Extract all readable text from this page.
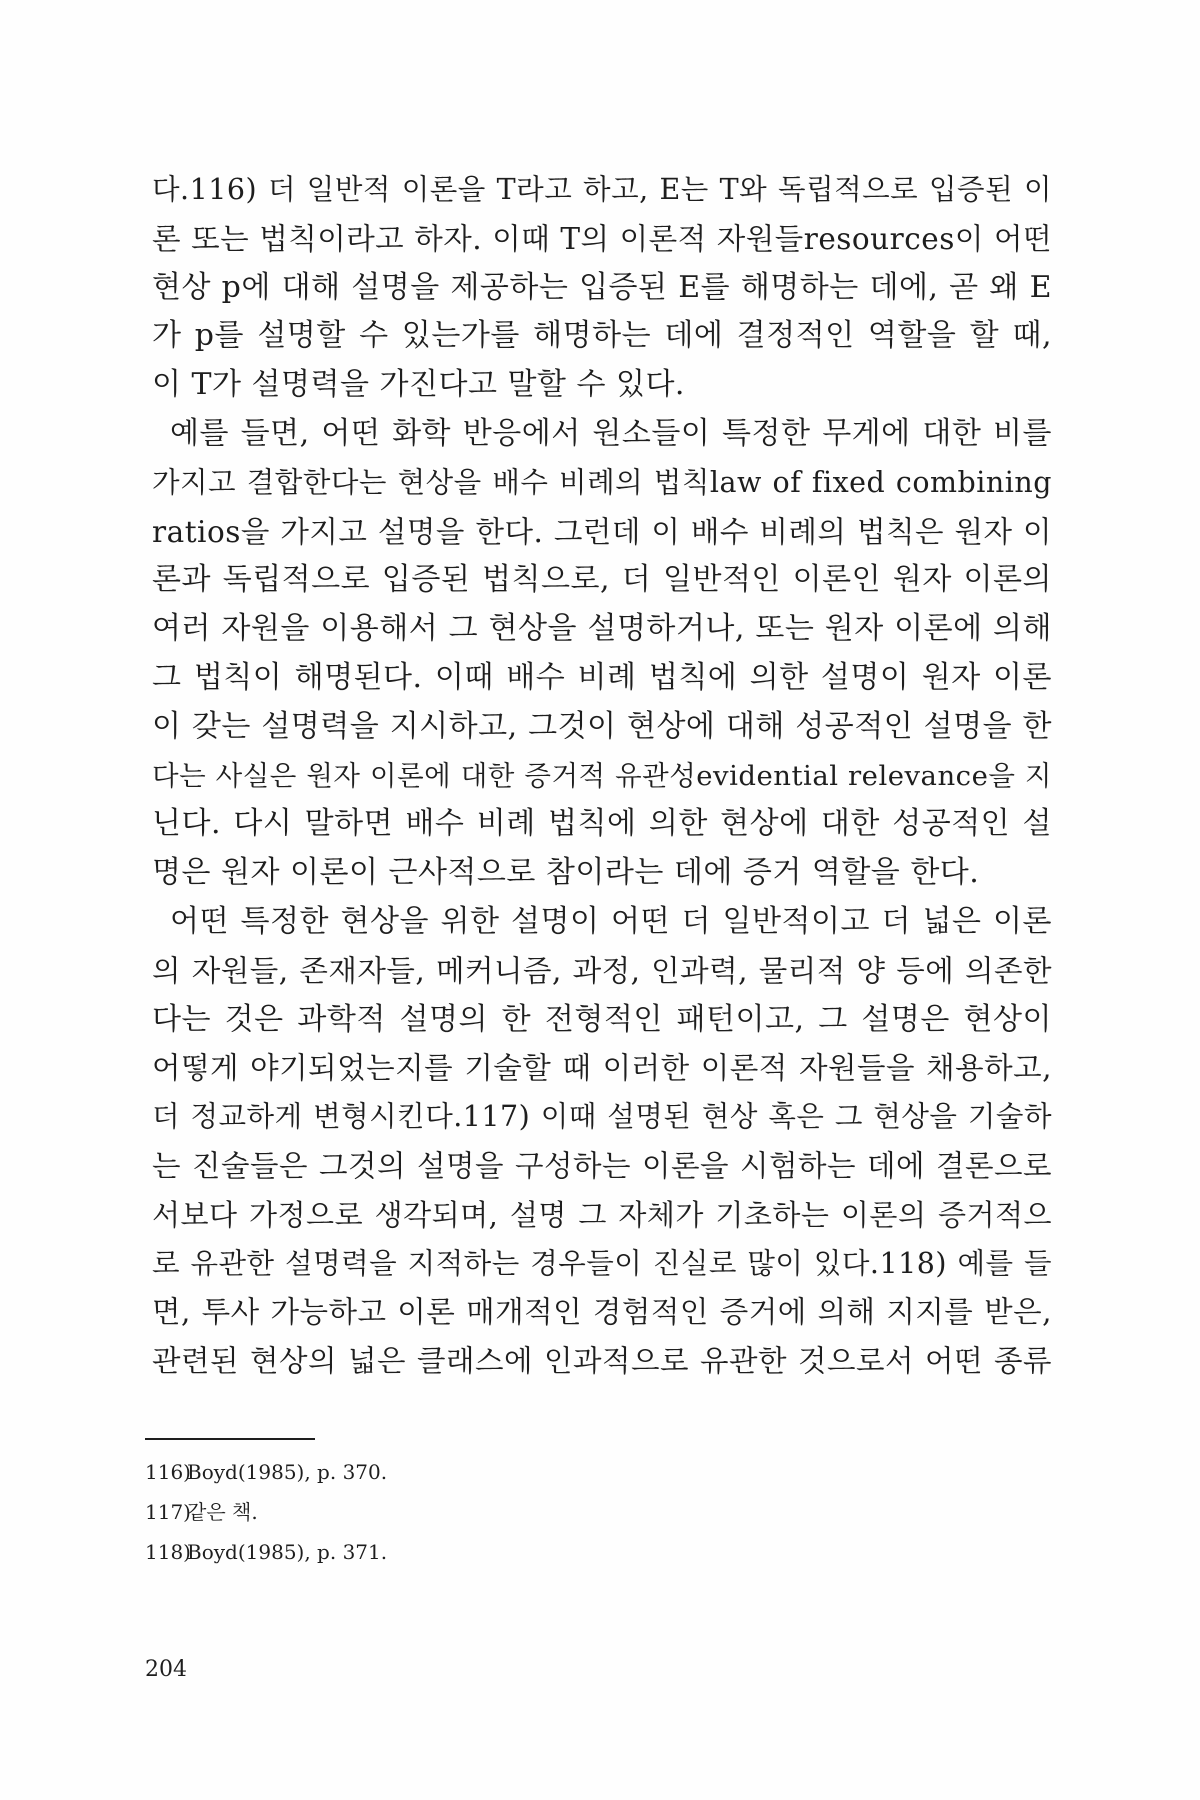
다.116) 더 일반적 이론을 T라고 하고, E는 T와 독립적으로 입증된 이
론 또는 법칙이라고 하자. 이때 T의 이론적 자원들resources이 어떤
현상 p에 대해 설명을 제공하는 입증된 E를 해명하는 데에, 곧 왜 E
가 p를 설명할 수 있는가를 해명하는 데에 결정적인 역할을 할 때,
이 T가 설명력을 가진다고 말할 수 있다.
예를 들면, 어떤 화학 반응에서 원소들이 특정한 무게에 대한 비를
가지고 결합한다는 현상을 배수 비례의 법칙law of fixed combining
ratios을 가지고 설명을 한다. 그런데 이 배수 비례의 법칙은 원자 이
론과 독립적으로 입증된 법칙으로, 더 일반적인 이론인 원자 이론의
여러 자원을 이용해서 그 현상을 설명하거나, 또는 원자 이론에 의해
그 법칙이 해명된다. 이때 배수 비례 법칙에 의한 설명이 원자 이론
이 갖는 설명력을 지시하고, 그것이 현상에 대해 성공적인 설명을 한
다는 사실은 원자 이론에 대한 증거적 유관성evidential relevance을 지
닌다. 다시 말하면 배수 비례 법칙에 의한 현상에 대한 성공적인 설
명은 원자 이론이 근사적으로 참이라는 데에 증거 역할을 한다.
어떤 특정한 현상을 위한 설명이 어떤 더 일반적이고 더 넓은 이론
의 자원들, 존재자들, 메커니즘, 과정, 인과력, 물리적 양 등에 의존한
다는 것은 과학적 설명의 한 전형적인 패턴이고, 그 설명은 현상이
어떻게 야기되었는지를 기술할 때 이러한 이론적 자원들을 채용하고,
더 정교하게 변형시킨다.117) 이때 설명된 현상 혹은 그 현상을 기술하
는 진술들은 그것의 설명을 구성하는 이론을 시험하는 데에 결론으로
서보다 가정으로 생각되며, 설명 그 자체가 기초하는 이론의 증거적으
로 유관한 설명력을 지적하는 경우들이 진실로 많이 있다.118) 예를 들
면, 투사 가능하고 이론 매개적인 경험적인 증거에 의해 지지를 받은,
관련된 현상의 넓은 클래스에 인과적으로 유관한 것으로서 어떤 종류
116)Boyd(1985), p. 370.
117)같은 책.
118)Boyd(1985), p. 371.
204
